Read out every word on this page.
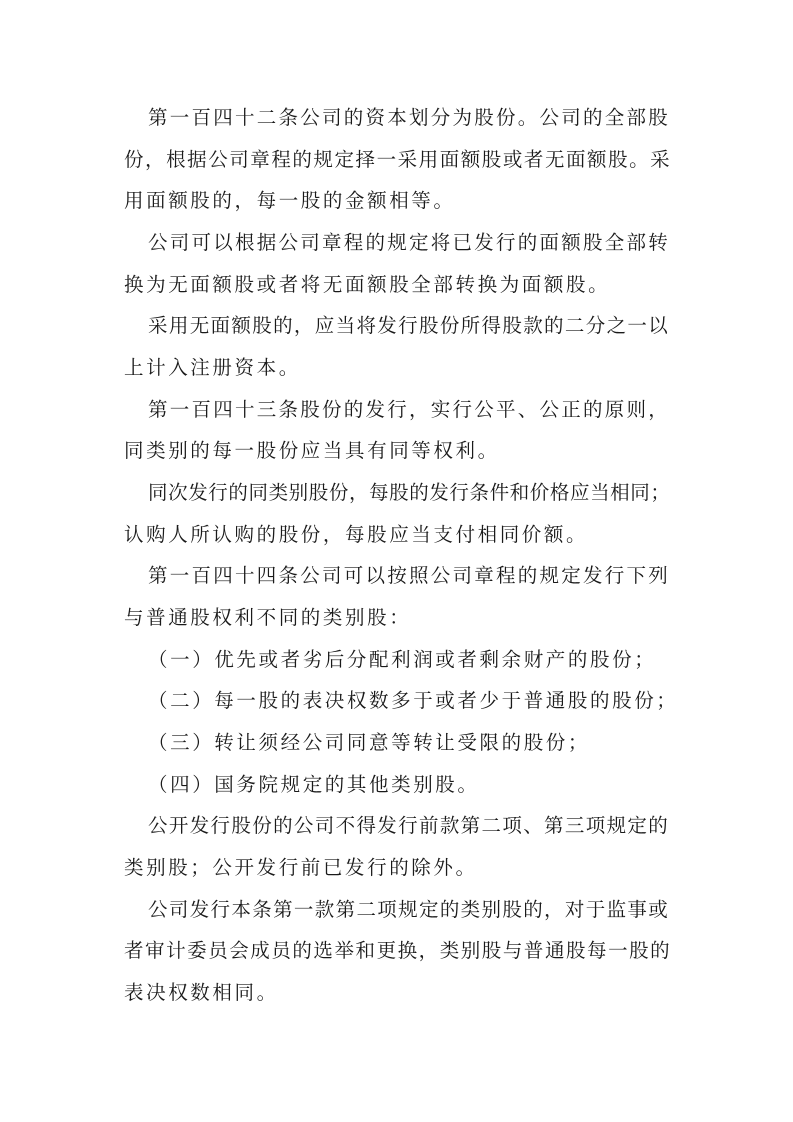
第 一 百 四 十 二 条 公 司 的 资 本 划 分 为 股 份 。 公 司 的 全 部 股
份 ， 根 据 公 司 章 程 的 规 定 择 一 采 用 面 额 股 或 者 无 面 额 股 。 采
用面额股的，每一股的金额相等。
公 司 可 以 根 据 公 司 章 程 的 规 定 将 已 发 行 的 面 额 股 全 部 转
换为无面额股或者将无面额股全部转换为面额股。
采 用 无 面 额 股 的 ， 应 当 将 发 行 股 份 所 得 股 款 的 二 分 之 一 以
上计入注册资本。
第 一 百 四 十 三 条 股 份 的 发 行 ， 实 行 公 平 、 公 正 的 原 则 ，
同类别的每一股份应当具有同等权利。
同 次 发 行 的 同 类 别 股 份 ， 每 股 的 发 行 条 件 和 价 格 应 当 相 同 ；
认购人所认购的股份，每股应当支付相同价额。
第 一 百 四 十 四 条 公 司 可 以 按 照 公 司 章 程 的 规 定 发 行 下 列
与普通股权利不同的类别股：
（一）优先或者劣后分配利润或者剩余财产的股份；
（二）每一股的表决权数多于或者少于普通股的股份；
（三）转让须经公司同意等转让受限的股份；
（四）国务院规定的其他类别股。
公 开 发 行 股 份 的 公 司 不 得 发 行 前 款 第 二 项 、 第 三 项 规 定 的
类别股；公开发行前已发行的除外。
公 司 发 行 本 条 第 一 款 第 二 项 规 定 的 类 别 股 的 ， 对 于 监 事 或
者 审 计 委 员 会 成 员 的 选 举 和 更 换 ， 类 别 股 与 普 通 股 每 一 股 的
表决权数相同。
